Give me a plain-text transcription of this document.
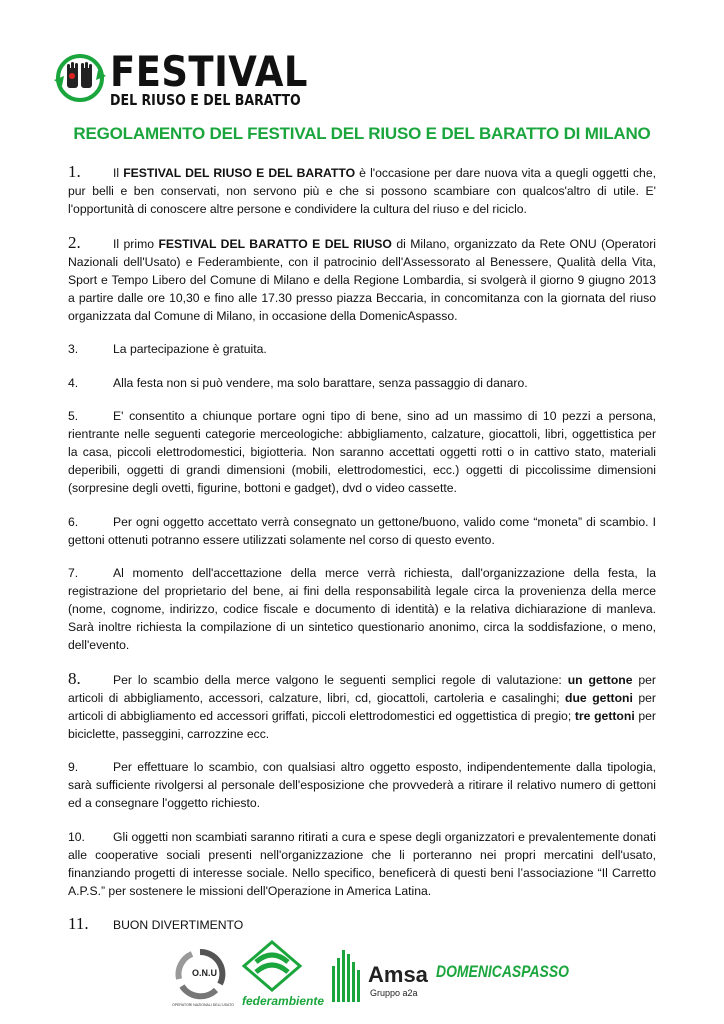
FESTIVAL
DEL RIUSO E DEL BARATTO
REGOLAMENTO DEL FESTIVAL DEL RIUSO E DEL BARATTO DI MILANO

1.	Il FESTIVAL DEL RIUSO E DEL BARATTO è l'occasione per dare nuova vita a quegli oggetti che, pur belli e ben conservati, non servono più e che si possono scambiare con qualcos'altro di utile. E' l'opportunità di conoscere altre persone e condividere la cultura del riuso e del riciclo.

2.	Il primo FESTIVAL DEL BARATTO E DEL RIUSO di Milano, organizzato da Rete ONU (Operatori Nazionali dell'Usato) e Federambiente, con il patrocinio dell'Assessorato al Benessere, Qualità della Vita, Sport e Tempo Libero del Comune di Milano e della Regione Lombardia, si svolgerà il giorno 9 giugno 2013 a partire dalle ore 10,30 e fino alle 17.30 presso piazza Beccaria, in concomitanza con la giornata del riuso organizzata dal Comune di Milano, in occasione della DomenicAspasso.

3.	La partecipazione è gratuita.

4.	Alla festa non si può vendere, ma solo barattare, senza passaggio di danaro.

5.	E' consentito a chiunque portare ogni tipo di bene, sino ad un massimo di 10 pezzi a persona, rientrante nelle seguenti categorie merceologiche: abbigliamento, calzature, giocattoli, libri, oggettistica per la casa, piccoli elettrodomestici, bigiotteria. Non saranno accettati oggetti rotti o in cattivo stato, materiali deperibili, oggetti di grandi dimensioni (mobili, elettrodomestici, ecc.) oggetti di piccolissime dimensioni (sorpresine degli ovetti, figurine, bottoni e gadget), dvd o video cassette.

6.	Per ogni oggetto accettato verrà consegnato un gettone/buono, valido come “moneta” di scambio. I gettoni ottenuti potranno essere utilizzati solamente nel corso di questo evento.

7.	Al momento dell'accettazione della merce verrà richiesta, dall'organizzazione della festa, la registrazione del proprietario del bene, ai fini della responsabilità legale circa la provenienza della merce (nome, cognome, indirizzo, codice fiscale e documento di identità) e la relativa dichiarazione di manleva. Sarà inoltre richiesta la compilazione di un sintetico questionario anonimo, circa la soddisfazione, o meno, dell'evento.

8.	Per lo scambio della merce valgono le seguenti semplici regole di valutazione: un gettone per articoli di abbigliamento, accessori, calzature, libri, cd, giocattoli, cartoleria e casalinghi; due gettoni per articoli di abbigliamento ed accessori griffati, piccoli elettrodomestici ed oggettistica di pregio; tre gettoni per biciclette, passeggini, carrozzine ecc.

9.	Per effettuare lo scambio, con qualsiasi altro oggetto esposto, indipendentemente dalla tipologia, sarà sufficiente rivolgersi al personale dell'esposizione che provvederà a ritirare il relativo numero di gettoni ed a consegnare l'oggetto richiesto.

10. Gli oggetti non scambiati saranno ritirati a cura e spese degli organizzatori e prevalentemente donati alle cooperative sociali presenti nell'organizzazione che li porteranno nei propri mercatini dell'usato, finanziando progetti di interesse sociale. Nello specifico, beneficerà di questi beni l’associazione “Il Carretto A.P.S.” per sostenere le missioni dell'Operazione in America Latina.

11. BUON DIVERTIMENTO

O.N.U
OPERATORI NAZIONALI DELL'USATO federambiente
Amsa
Gruppo a2a
DOMENICASPASSO
